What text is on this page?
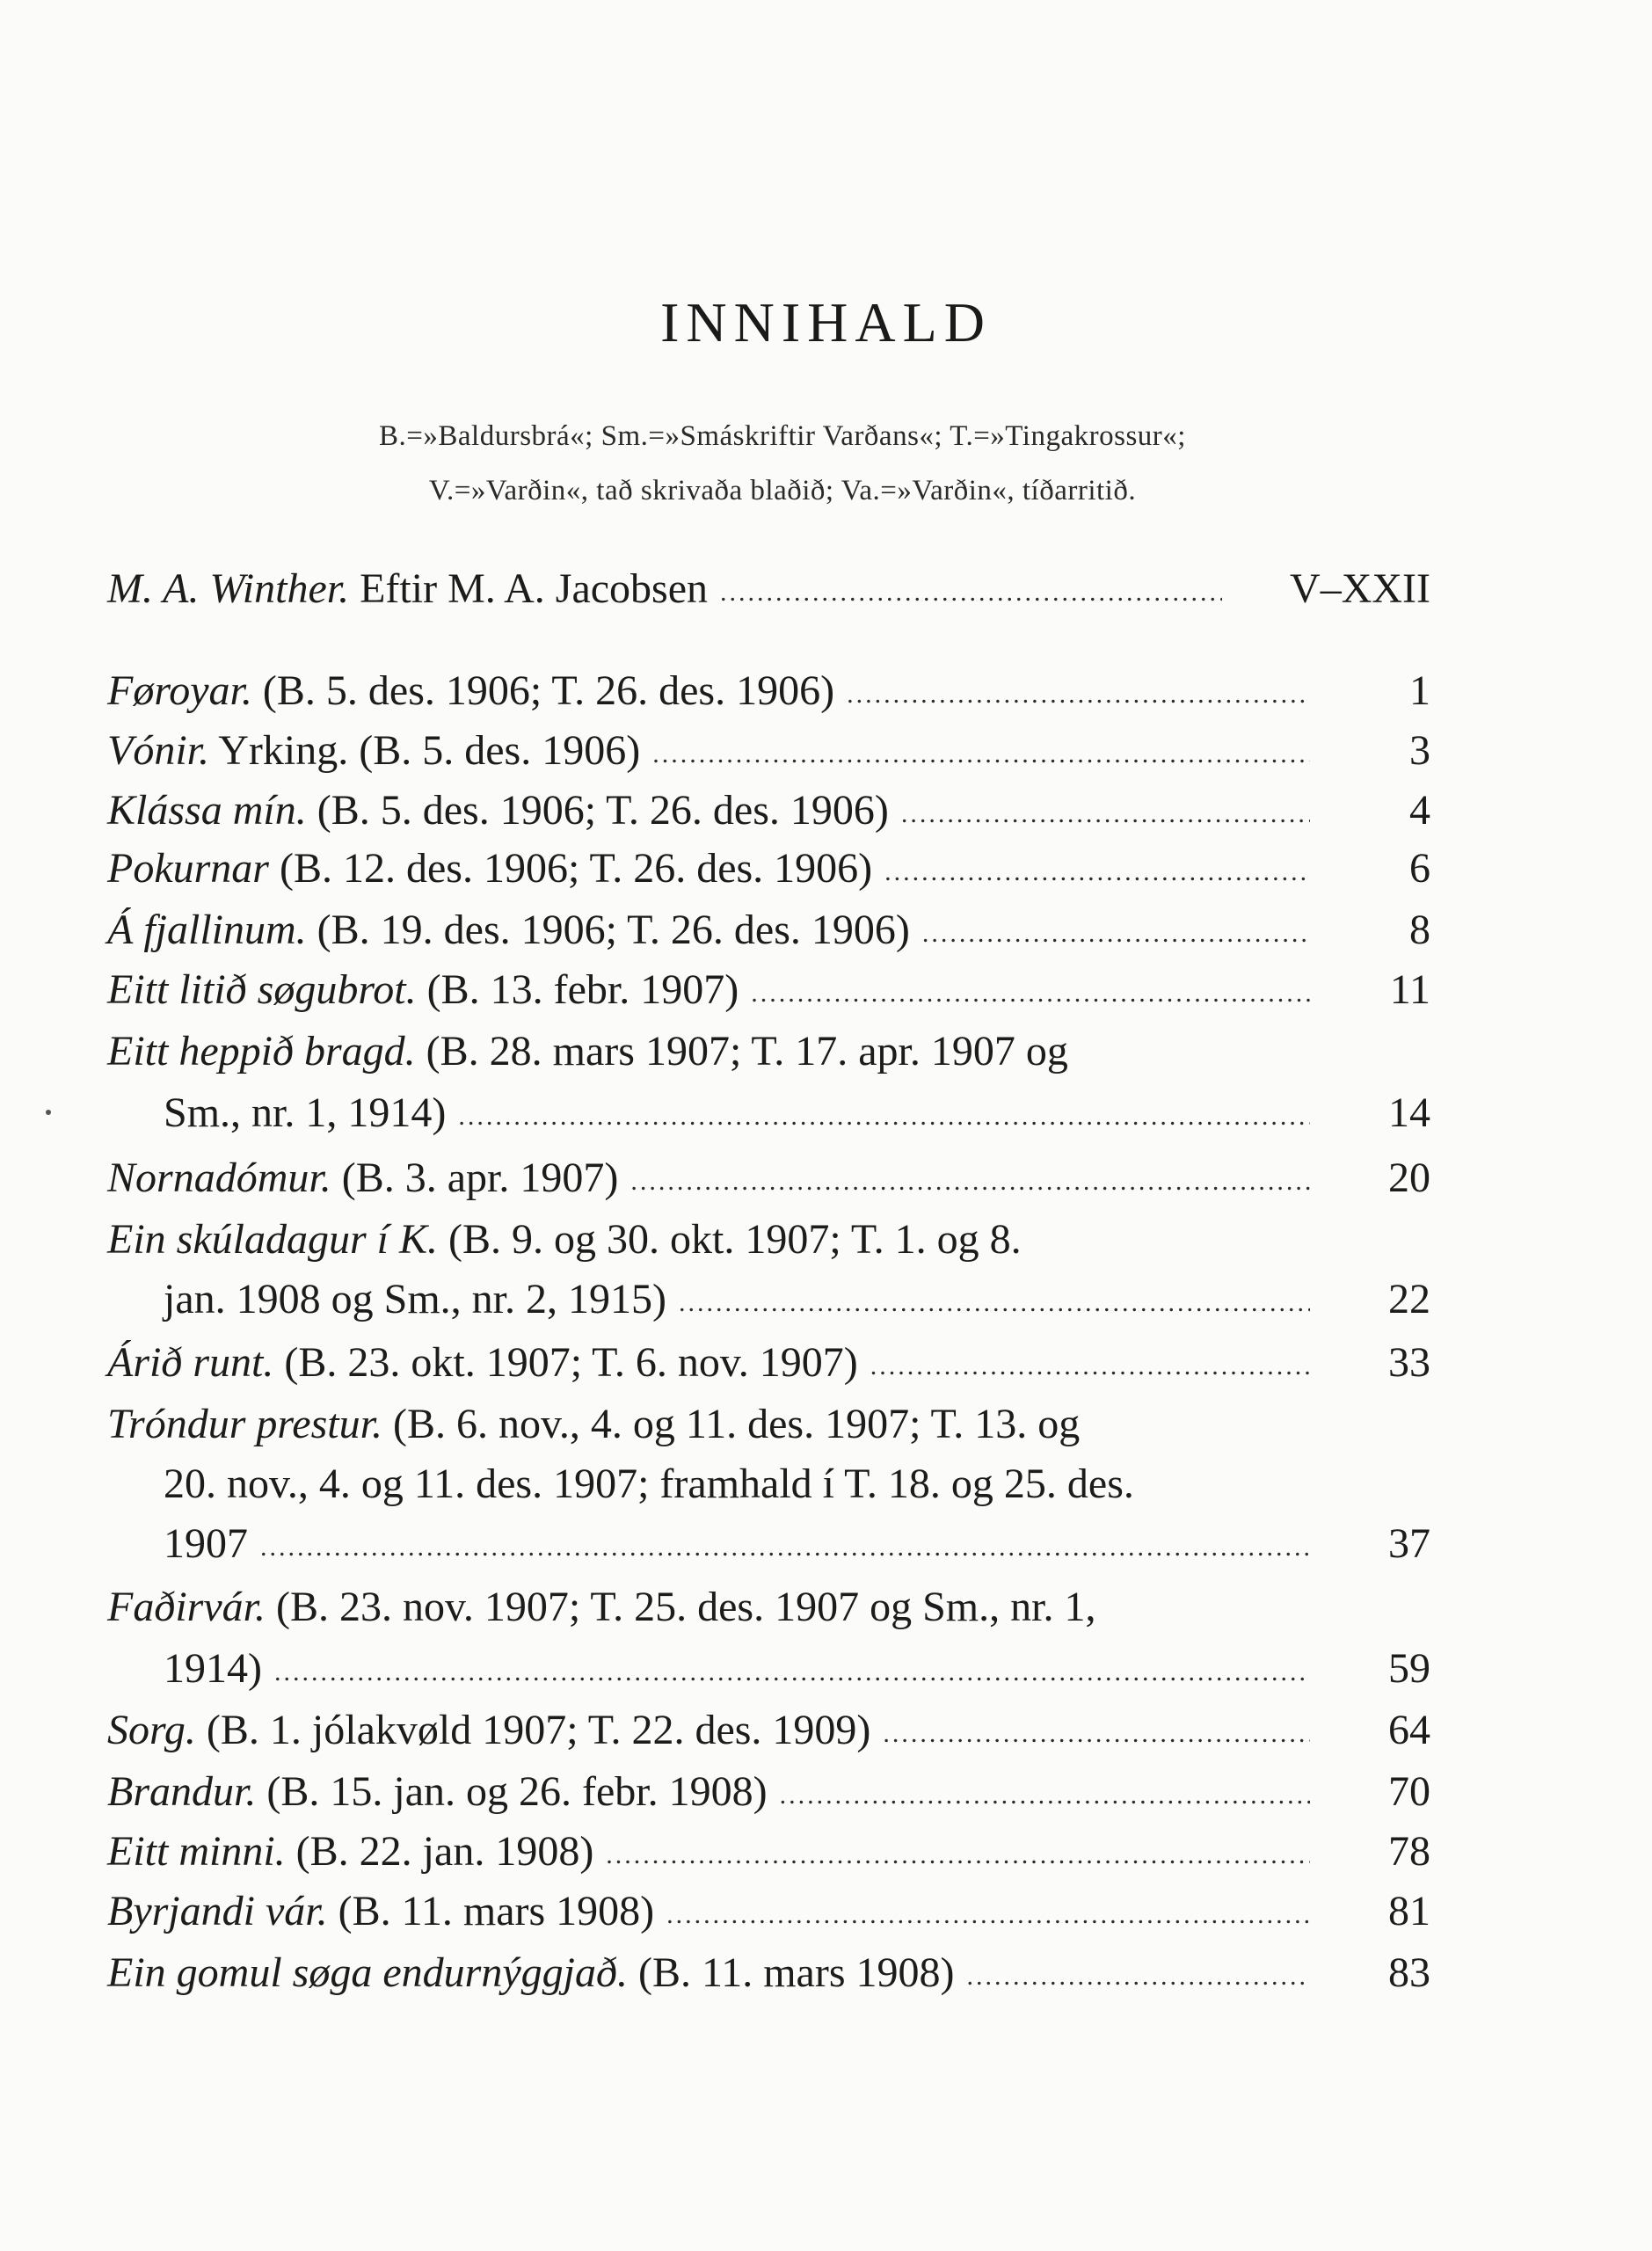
INNIHALD
B.=»Baldursbrá«; Sm.=»Smáskriftir Varðans«; T.=»Tingakrossur«;
V.=»Varðin«, tað skrivaða blaðið; Va.=»Varðin«, tíðarritið.
M. A. Winther. Eftir M. A. Jacobsen
.....	V–XXII
1
Føroyar. (B. 5. des. 1906; T. 26. des. 1906)
.....
3
Vónir. Yrking. (B. 5. des. 1906)
.....
4
Klássa mín. (B. 5. des. 1906; T. 26. des. 1906)
.....
6
Pokurnar (B. 12. des. 1906; T. 26. des. 1906)
.....
8
Á fjallinum. (B. 19. des. 1906; T. 26. des. 1906)
.....
11
Eitt litið søgubrot. (B. 13. febr. 1907)
.....
Eitt heppið bragd. (B. 28. mars 1907; T. 17. apr. 1907 og
14
Sm., nr. 1, 1914)
.....
20
Nornadómur. (B. 3. apr. 1907)
.....
Ein skúladagur í K. (B. 9. og 30. okt. 1907; T. 1. og 8.
22
jan. 1908 og Sm., nr. 2, 1915)
.....
33
Árið runt. (B. 23. okt. 1907; T. 6. nov. 1907)
.....
Tróndur prestur. (B. 6. nov., 4. og 11. des. 1907; T. 13. og
20. nov., 4. og 11. des. 1907; framhald í T. 18. og 25. des.
37
1907
.....
Faðirvár. (B. 23. nov. 1907; T. 25. des. 1907 og Sm., nr. 1,
59
1914)
.....
64
Sorg. (B. 1. jólakvøld 1907; T. 22. des. 1909)
.....
70
Brandur. (B. 15. jan. og 26. febr. 1908)
.....
78
Eitt minni. (B. 22. jan. 1908)
.....
81
Byrjandi vár. (B. 11. mars 1908)
.....
83
Ein gomul søga endurnýggjað. (B. 11. mars 1908)
.....
